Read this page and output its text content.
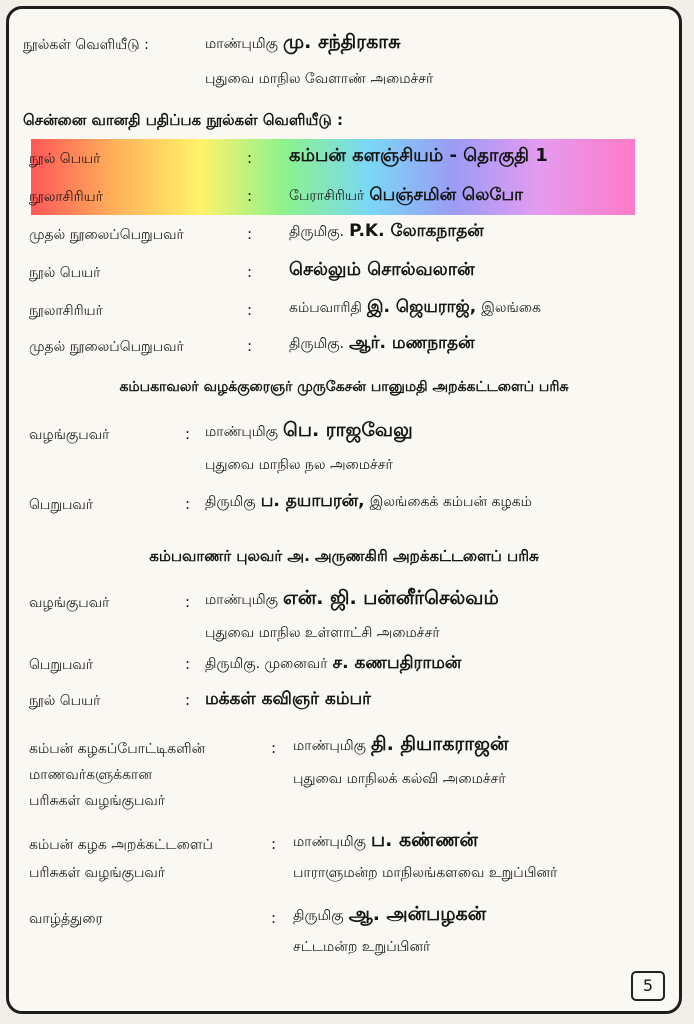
நூல்கள் வெளியீடு :	மாண்புமிகு மு. சந்திரகாசு
புதுவை மாநில வேளாண் அமைச்சர்
சென்னை வானதி பதிப்பக நூல்கள் வெளியீடு :
நூல் பெயர்	: கம்பன் களஞ்சியம் - தொகுதி 1
நூலாசிரியர்	:	பேராசிரியர் பெஞ்சமின் லெபோ
முதல் நூலைப்பெறுபவர்	:	திருமிகு. P.K. லோகநாதன்
நூல் பெயர்	: செல்லும் சொல்வலான்
நூலாசிரியர்	:	கம்பவாரிதி இ. ஜெயராஜ், இலங்கை
முதல் நூலைப்பெறுபவர்	:	திருமிகு. ஆர். மணநாதன்
கம்பகாவலர் வழக்குரைஞர் முருகேசன் பானுமதி அறக்கட்டளைப் பரிசு
வழங்குபவர்	: மாண்புமிகு பெ. ராஜவேலு
புதுவை மாநில நல அமைச்சர்
பெறுபவர்	: திருமிகு ப. தயாபரன், இலங்கைக் கம்பன் கழகம்
கம்பவாணர் புலவர் அ. அருணகிரி அறக்கட்டளைப் பரிசு
வழங்குபவர்	: மாண்புமிகு என். ஜி. பன்னீர்செல்வம்
புதுவை மாநில உள்ளாட்சி அமைச்சர்
பெறுபவர்	: திருமிகு. முனைவர் ச. கணபதிராமன்
நூல் பெயர்	: மக்கள் கவிஞர் கம்பர்
கம்பன் கழகப்போட்டிகளின்
மாணவர்களுக்கான
பரிசுகள் வழங்குபவர்
: மாண்புமிகு தி. தியாகராஜன்
புதுவை மாநிலக் கல்வி அமைச்சர்
கம்பன் கழக அறக்கட்டளைப்
பரிசுகள் வழங்குபவர்
: மாண்புமிகு ப. கண்ணன்
பாராளுமன்ற மாநிலங்களவை உறுப்பினர்
வாழ்த்துரை	: திருமிகு ஆ. அன்பழகன்
சட்டமன்ற உறுப்பினர்
5
